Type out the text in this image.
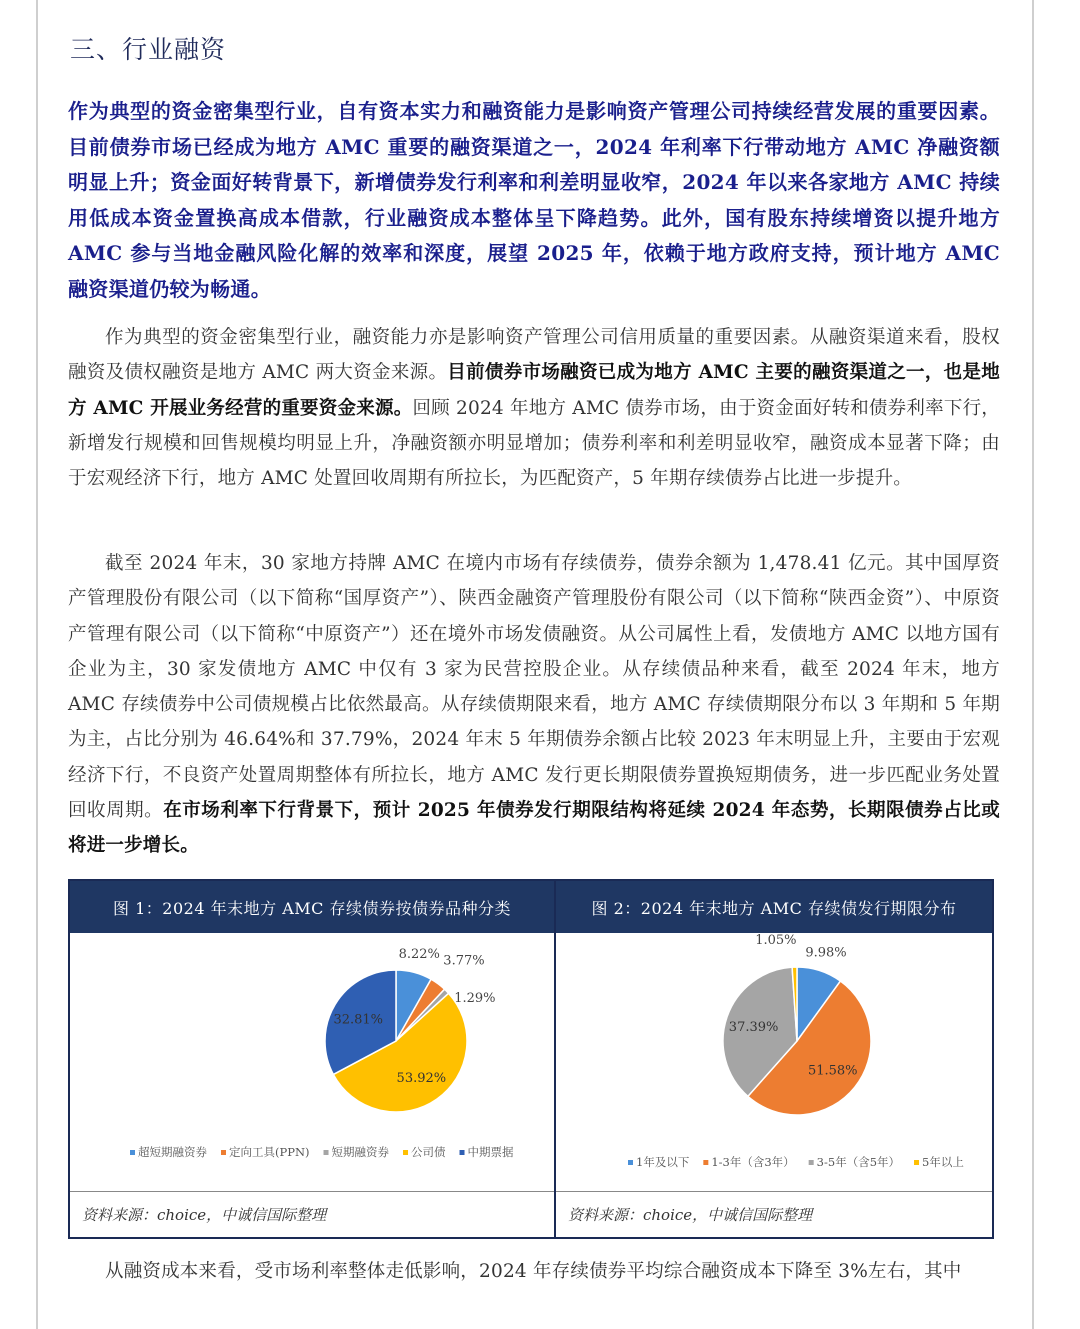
三、行业融资
作为典型的资金密集型行业，自有资本实力和融资能力是影响资产管理公司持续经营发展的重要因素。目前债券市场已经成为地方 AMC 重要的融资渠道之一，2024 年利率下行带动地方 AMC 净融资额明显上升；资金面好转背景下，新增债券发行利率和利差明显收窄，2024 年以来各家地方 AMC 持续用低成本资金置换高成本借款，行业融资成本整体呈下降趋势。此外，国有股东持续增资以提升地方 AMC 参与当地金融风险化解的效率和深度，展望 2025 年，依赖于地方政府支持，预计地方 AMC 融资渠道仍较为畅通。

作为典型的资金密集型行业，融资能力亦是影响资产管理公司信用质量的重要因素。从融资渠道来看，股权融资及债权融资是地方 AMC 两大资金来源。目前债券市场融资已成为地方 AMC 主要的融资渠道之一，也是地方 AMC 开展业务经营的重要资金来源。回顾 2024 年地方 AMC 债券市场，由于资金面好转和债券利率下行，新增发行规模和回售规模均明显上升，净融资额亦明显增加；债券利率和利差明显收窄，融资成本显著下降；由于宏观经济下行，地方 AMC 处置回收周期有所拉长，为匹配资产，5 年期存续债券占比进一步提升。

截至 2024 年末，30 家地方持牌 AMC 在境内市场有存续债券，债券余额为 1,478.41 亿元。其中国厚资产管理股份有限公司（以下简称“国厚资产”）、陕西金融资产管理股份有限公司（以下简称“陕西金资”）、中原资产管理有限公司（以下简称“中原资产”）还在境外市场发债融资。从公司属性上看，发债地方 AMC 以地方国有企业为主，30 家发债地方 AMC 中仅有 3 家为民营控股企业。从存续债品种来看，截至 2024 年末，地方 AMC 存续债券中公司债规模占比依然最高。从存续债期限来看，地方 AMC 存续债期限分布以 3 年期和 5 年期为主，占比分别为 46.64%和 37.79%，2024 年末 5 年期债券余额占比较 2023 年末明显上升，主要由于宏观经济下行，不良资产处置周期整体有所拉长，地方 AMC 发行更长期限债券置换短期债务，进一步匹配业务处置回收周期。在市场利率下行背景下，预计 2025 年债券发行期限结构将延续 2024 年态势，长期限债券占比或将进一步增长。

图 1：2024 年末地方 AMC 存续债券按债券品种分类
8.22% 3.77%
1.29%
53.92%
32.81%
超短期融资券 定向工具(PPN) 短期融资券 公司债 中期票据
资料来源：choice，中诚信国际整理
图 2：2024 年末地方 AMC 存续债发行期限分布
9.98%
51.58%
37.39%
1.05%
1年及以下 1-3年（含3年） 3-5年（含5年） 5年以上
资料来源：choice，中诚信国际整理

从融资成本来看，受市场利率整体走低影响，2024 年存续债券平均综合融资成本下降至 3%左右，其中
